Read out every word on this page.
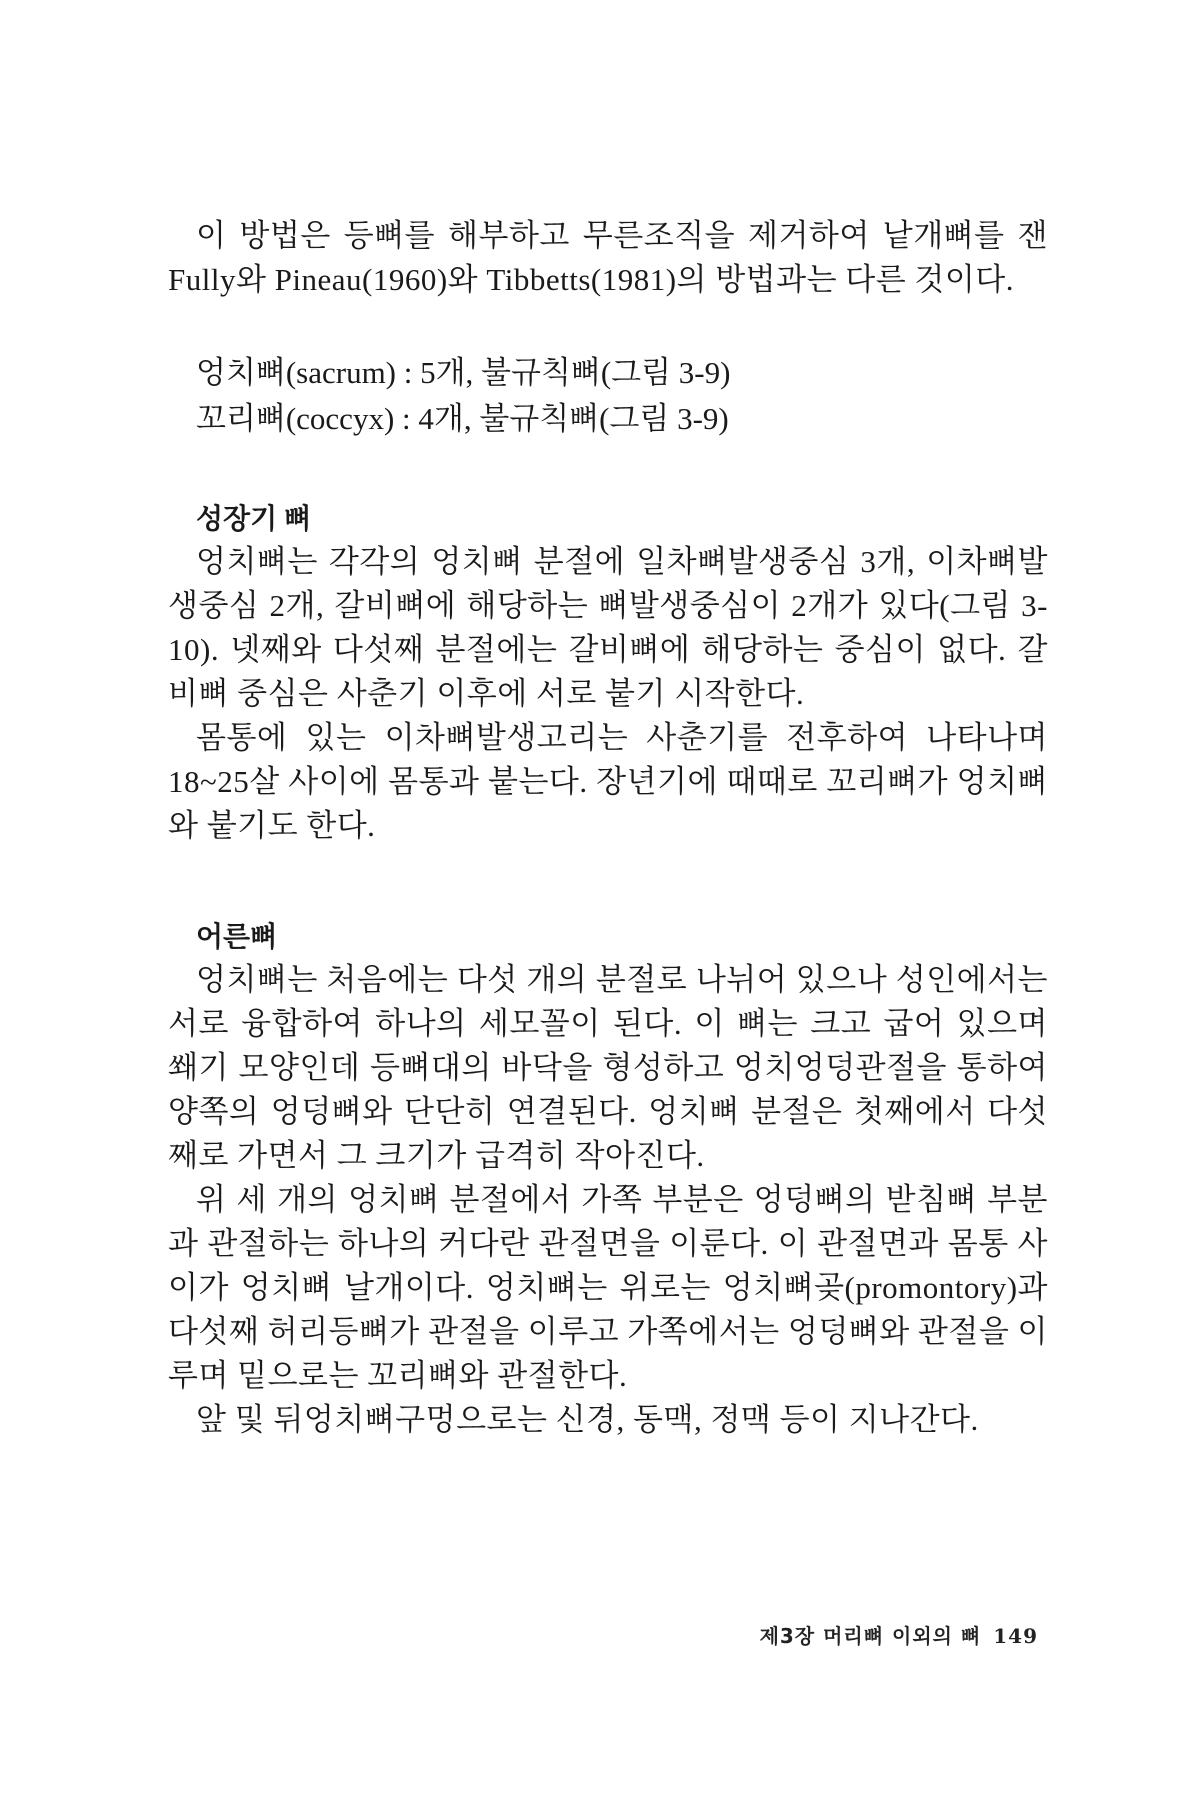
이 방법은 등뼈를 해부하고 무른조직을 제거하여 낱개뼈를 잰 Fully와 Pineau(1960)와 Tibbetts(1981)의 방법과는 다른 것이다.

엉치뼈(sacrum) : 5개, 불규칙뼈(그림 3-9)

꼬리뼈(coccyx) : 4개, 불규칙뼈(그림 3-9)

성장기 뼈

엉치뼈는 각각의 엉치뼈 분절에 일차뼈발생중심 3개, 이차뼈발생중심 2개, 갈비뼈에 해당하는 뼈발생중심이 2개가 있다(그림 3-10). 넷째와 다섯째 분절에는 갈비뼈에 해당하는 중심이 없다. 갈비뼈 중심은 사춘기 이후에 서로 붙기 시작한다.

몸통에 있는 이차뼈발생고리는 사춘기를 전후하여 나타나며 18~25살 사이에 몸통과 붙는다. 장년기에 때때로 꼬리뼈가 엉치뼈와 붙기도 한다.

어른뼈

엉치뼈는 처음에는 다섯 개의 분절로 나뉘어 있으나 성인에서는 서로 융합하여 하나의 세모꼴이 된다. 이 뼈는 크고 굽어 있으며 쐐기 모양인데 등뼈대의 바닥을 형성하고 엉치엉덩관절을 통하여 양쪽의 엉덩뼈와 단단히 연결된다. 엉치뼈 분절은 첫째에서 다섯째로 가면서 그 크기가 급격히 작아진다.

위 세 개의 엉치뼈 분절에서 가쪽 부분은 엉덩뼈의 받침뼈 부분과 관절하는 하나의 커다란 관절면을 이룬다. 이 관절면과 몸통 사이가 엉치뼈 날개이다. 엉치뼈는 위로는 엉치뼈곶(promontory)과 다섯째 허리등뼈가 관절을 이루고 가쪽에서는 엉덩뼈와 관절을 이루며 밑으로는 꼬리뼈와 관절한다.

앞 및 뒤엉치뼈구멍으로는 신경, 동맥, 정맥 등이 지나간다.

제3장 머리뼈 이외의 뼈 149
